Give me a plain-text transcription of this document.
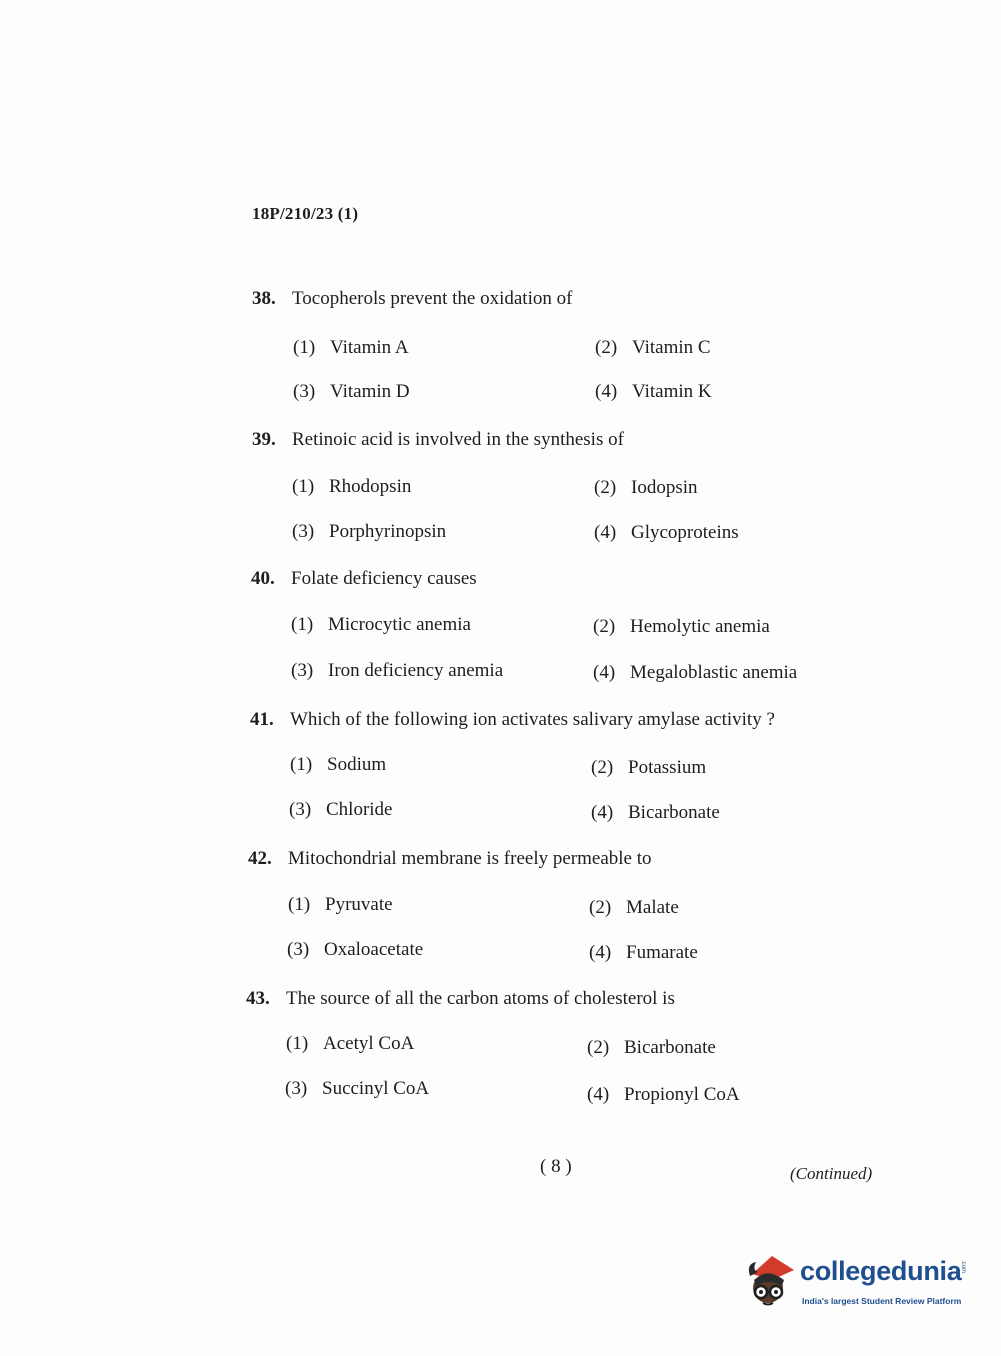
18P/210/23 (1)
38. Tocopherols prevent the oxidation of
(1) Vitamin A	(2) Vitamin C
(3) Vitamin D	(4) Vitamin K
39. Retinoic acid is involved in the synthesis of
(1) Rhodopsin	(2) Iodopsin
(3) Porphyrinopsin	(4) Glycoproteins
40. Folate deficiency causes
(1) Microcytic anemia	(2) Hemolytic anemia
(3) Iron deficiency anemia	(4) Megaloblastic anemia
41. Which of the following ion activates salivary amylase activity ?
(1) Sodium	(2) Potassium
(3) Chloride	(4) Bicarbonate
42. Mitochondrial membrane is freely permeable to
(1) Pyruvate	(2) Malate
(3) Oxaloacetate	(4) Fumarate
43. The source of all the carbon atoms of cholesterol is
(1) Acetyl CoA	(2) Bicarbonate
(3) Succinyl CoA	(4) Propionyl CoA
( 8 )	(Continued)
collegedunia
.com
India's largest Student Review Platform
